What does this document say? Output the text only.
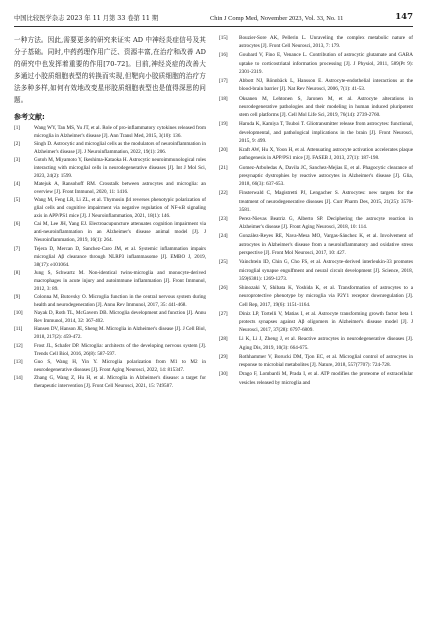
中国比较医学杂志 2023 年 11 月第 33 卷第 11 期	Chin J Comp Med, November 2023, Vol. 33, No. 11	147

一种方法。因此,需要更多的研究来证实 AD 中神经炎症信号及其分子基础。同时,中药药理作用广泛、资源丰富,在治疗和改善 AD 的研究中也发挥着重要的作用[70-72]。目前,神经炎症的改善大多通过小胶质细胞表型的转换而实现,但靶向小胶质细胞的治疗方法多种多样,如何有效地改变星形胶质细胞表型也是值得深思的问题。

参考文献:
[1]	Wang WY, Tan MS, Yu JT, et al. Role of pro-inflammatory cytokines released from microglia in Alzheimer's disease [J]. Ann Transl Med, 2015, 3(10): 136.
[2]	Singh D. Astrocytic and microglial cells as the modulators of neuroinflammation in Alzheimer's disease [J]. J Neuroinflammation, 2022, 19(1): 206.
[3]	Gotoh M, Miyamoto Y, Ikeshima-Kataoka H. Astrocytic neuroimmunological roles interacting with microglial cells in neurodegenerative diseases [J]. Int J Mol Sci, 2023, 24(2): 1599.
[4]	Matejuk A, Ransohoff RM. Crosstalk between astrocytes and microglia: an overview [J]. Front Immunol, 2020, 11: 1416.
[5]	Wang M, Feng LR, Li ZL, et al. Thymosin β4 reverses phenotypic polarization of glial cells and cognitive impairment via negative regulation of NF-κB signaling axis in APP/PS1 mice [J]. J Neuroinflammation, 2021, 18(1): 146.
[6]	Cai M, Lee JH, Yang EJ. Electroacupuncture attenuates cognition impairment via anti-neuroinflammation in an Alzheimer's disease animal model [J]. J Neuroinflammation, 2019, 16(1): 264.
[7]	Tejera D, Mercan D, Sanchez-Caro JM, et al. Systemic inflammation impairs microglial Aβ clearance through NLRP3 inflammasome [J]. EMBO J, 2019, 38(17): e101064.
[8]	Jung S, Schwartz M. Non-identical twins-microglia and monocyte-derived macrophages in acute injury and autoimmune inflammation [J]. Front Immunol, 2012, 3: 89.
[9]	Colonna M, Butovsky O. Microglia function in the central nervous system during health and neurodegeneration [J]. Annu Rev Immunol, 2017, 35: 441-468.
[10] Nayak D, Roth TL, McGavern DB. Microglia development and function [J]. Annu Rev Immunol, 2014, 32: 367-402.
[11] Hansen DV, Hanson JE, Sheng M. Microglia in Alzheimer's disease [J]. J Cell Biol, 2018, 217(2): 459-472.
[12] Frost JL, Schafer DP. Microglia: architects of the developing nervous system [J]. Trends Cell Biol, 2016, 26(8): 587-597.
[13] Guo S, Wang H, Yin Y. Microglia polarization from M1 to M2 in neurodegenerative diseases [J]. Front Aging Neurosci, 2022, 14: 815347.
[14] Zhang G, Wang Z, Hu H, et al. Microglia in Alzheimer's disease: a target for therapeutic intervention [J]. Front Cell Neurosci, 2021, 15: 749587.
[15] Bouzier-Sore AK, Pellerin L. Unraveling the complex metabolic nature of astrocytes [J]. Front Cell Neurosci, 2013, 7: 179.
[16] Goubard V, Fino E, Venance L. Contribution of astrocytic glutamate and GABA uptake to corticostriatal information processing [J]. J Physiol, 2011, 589(Pt 9): 2301-2319.
[17] Abbott NJ, Rönnbäck L, Hansson E. Astrocyte-endothelial interactions at the blood-brain barrier [J]. Nat Rev Neurosci, 2006, 7(1): 41-53.
[18] Oksanen M, Lehtonen S, Jaronen M, et al. Astrocyte alterations in neurodegenerative pathologies and their modeling in human induced pluripotent stem cell platforms [J]. Cell Mol Life Sci, 2019, 76(14): 2739-2760.
[19] Haruda K, Kamiya T, Tsuboi T. Gliotransmitter release from astrocytes: functional, developmental, and pathological implications in the brain [J]. Front Neurosci, 2015, 9: 499.
[20] Kraft AW, Hu X, Yoon H, et al. Attenuating astrocyte activation accelerates plaque pathogenesis in APP/PS1 mice [J]. FASEB J, 2013, 27(1): 187-198.
[21] Gomez-Arboledas A, Davila JC, Sanchez-Mejias E, et al. Phagocytic clearance of presynaptic dystrophies by reactive astrocytes in Alzheimer's disease [J]. Glia, 2018, 66(3): 637-653.
[22] Finsterwald C, Magistretti PJ, Lengacher S. Astrocytes: new targets for the treatment of neurodegenerative diseases [J]. Curr Pharm Des, 2015, 21(25): 3570-3581.
[23] Perez-Nievas Beatriz G, Alberto SP. Deciphering the astrocyte reaction in Alzheimer's disease [J]. Front Aging Neurosci, 2018, 10: 114.
[24] González-Reyes RE, Nava-Mesa MO, Vargas-Sánchez K, et al. Involvement of astrocytes in Alzheimer's disease from a neuroinflammatory and oxidative stress perspective [J]. Front Mol Neurosci, 2017, 10: 427.
[25] Vainchtein ID, Chin G, Cho FS, et al. Astrocyte-derived interleukin-33 promotes microglial synapse engulfment and neural circuit development [J]. Science, 2018, 359(6381): 1269-1273.
[26] Shinozaki Y, Shibata K, Yoshida K, et al. Transformation of astrocytes to a neuroprotective phenotype by microglia via P2Y1 receptor downregulation [J]. Cell Rep, 2017, 19(6): 1151-1164.
[27] Diniz LP, Tortelli V, Matias I, et al. Astrocyte transforming growth factor beta 1 protects synapses against Aβ oligomers in Alzheimer's disease model [J]. J Neurosci, 2017, 37(28): 6797-6809.
[28] Li K, Li J, Zheng J, et al. Reactive astrocytes in neurodegenerative diseases [J]. Aging Dis, 2019, 10(3): 664-675.
[29] Rothhammer V, Borucki DM, Tjon EC, et al. Microglial control of astrocytes in response to microbial metabolites [J]. Nature, 2018, 557(7707): 724-728.
[30] Drago F, Lombardi M, Prada I, et al. ATP modifies the proteome of extracellular vesicles released by microglia and
